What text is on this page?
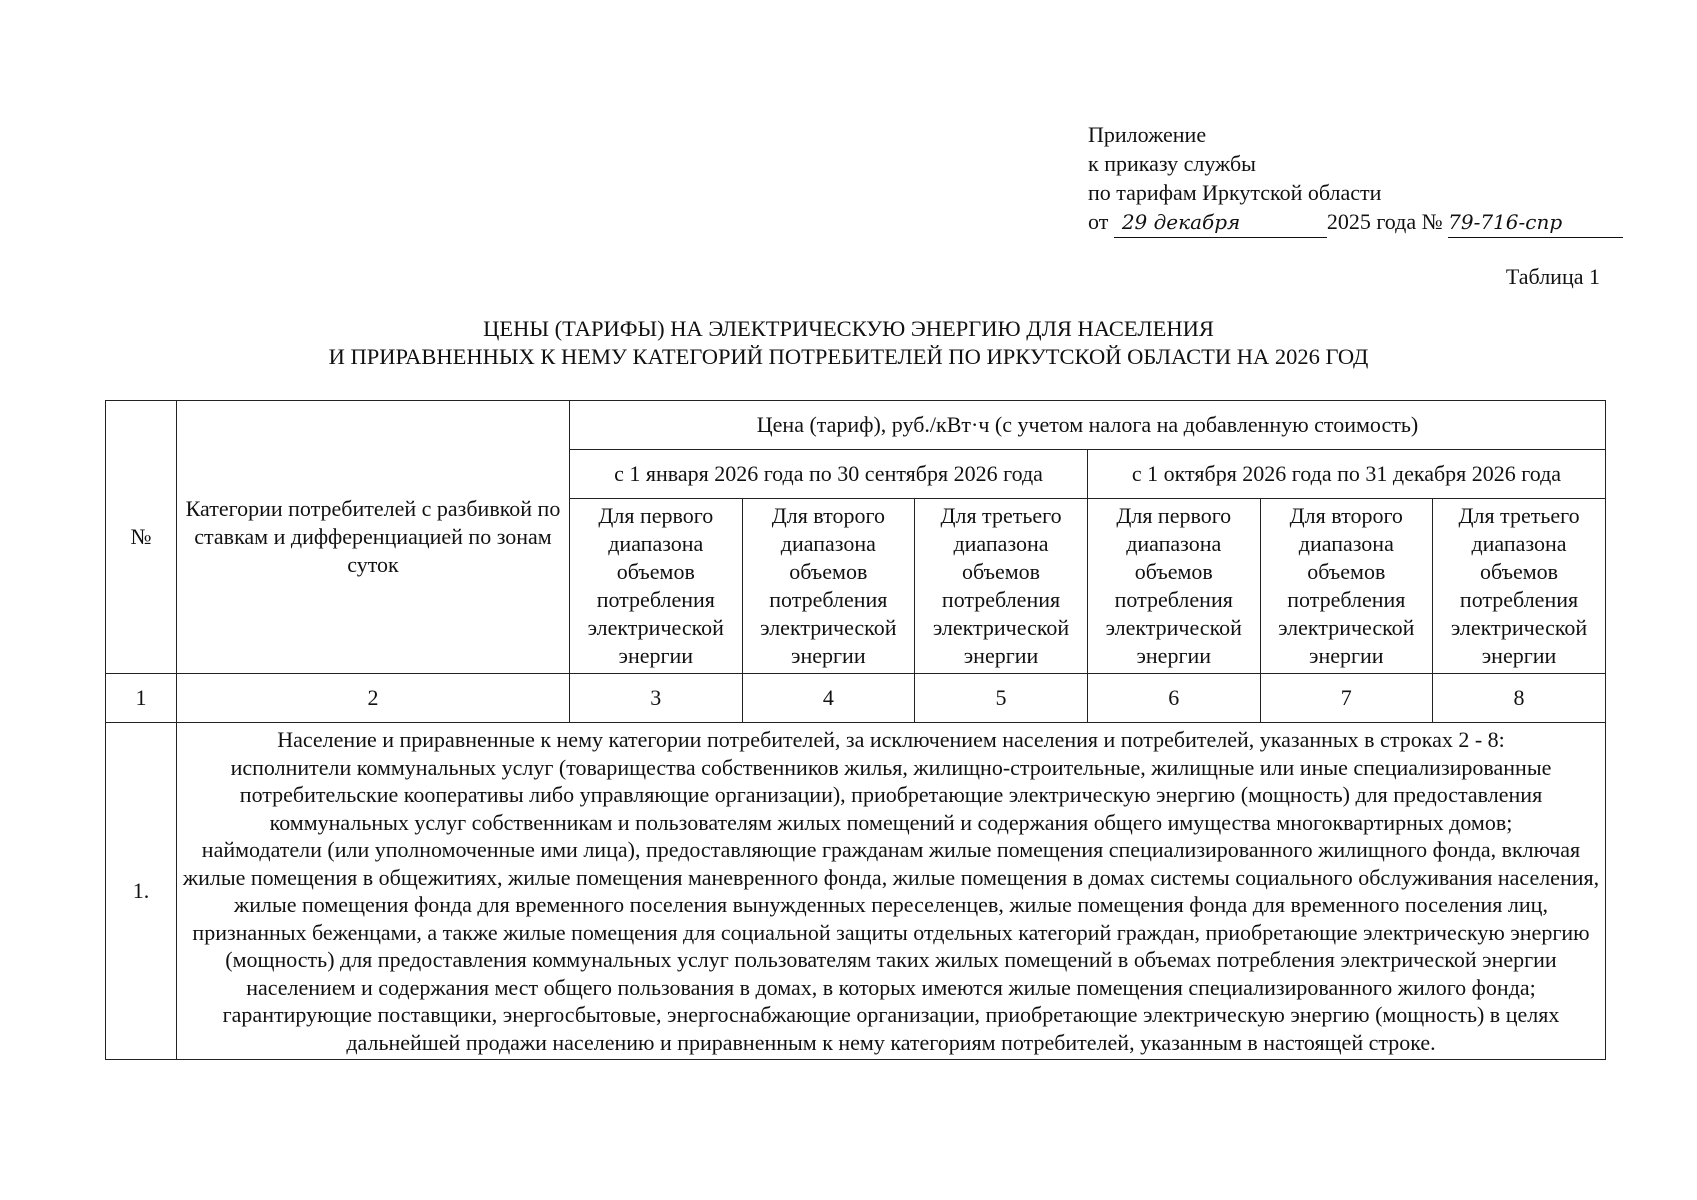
Приложение
к приказу службы
по тарифам Иркутской области
от 29 декабря	2025 года № 79-716-спр
Таблица 1
ЦЕНЫ (ТАРИФЫ) НА ЭЛЕКТРИЧЕСКУЮ ЭНЕРГИЮ ДЛЯ НАСЕЛЕНИЯ
И ПРИРАВНЕННЫХ К НЕМУ КАТЕГОРИЙ ПОТРЕБИТЕЛЕЙ ПО ИРКУТСКОЙ ОБЛАСТИ НА 2026 ГОД
№	Категории потребителей с разбивкой по ставкам и дифференциацией по зонам суток	Цена (тариф), руб./кВт·ч (с учетом налога на добавленную стоимость)					
		с 1 января 2026 года по 30 сентября 2026 года			с 1 октября 2026 года по 31 декабря 2026 года		
		Для первого диапазона объемов потребления электрической энергии	Для второго диапазона объемов потребления электрической энергии	Для третьего диапазона объемов потребления электрической энергии	Для первого диапазона объемов потребления электрической энергии	Для второго диапазона объемов потребления электрической энергии	Для третьего диапазона объемов потребления электрической энергии
1	2	3	4	5	6	7	8
1.	Население и приравненные к нему категории потребителей, за исключением населения и потребителей, указанных в строках 2 - 8:

исполнители коммунальных услуг (товарищества собственников жилья, жилищно-строительные, жилищные или иные специализированные потребительские кооперативы либо управляющие организации), приобретающие электрическую энергию (мощность) для предоставления коммунальных услуг собственникам и пользователям жилых помещений и содержания общего имущества многоквартирных домов;

наймодатели (или уполномоченные ими лица), предоставляющие гражданам жилые помещения специализированного жилищного фонда, включая жилые помещения в общежитиях, жилые помещения маневренного фонда, жилые помещения в домах системы социального обслуживания населения, жилые помещения фонда для временного поселения вынужденных переселенцев, жилые помещения фонда для временного поселения лиц, признанных беженцами, а также жилые помещения для социальной защиты отдельных категорий граждан, приобретающие электрическую энергию (мощность) для предоставления коммунальных услуг пользователям таких жилых помещений в объемах потребления электрической энергии населением и содержания мест общего пользования в домах, в которых имеются жилые помещения специализированного жилого фонда;

гарантирующие поставщики, энергосбытовые, энергоснабжающие организации, приобретающие электрическую энергию (мощность) в целях дальнейшей продажи населению и приравненным к нему категориям потребителей, указанным в настоящей строке.						
